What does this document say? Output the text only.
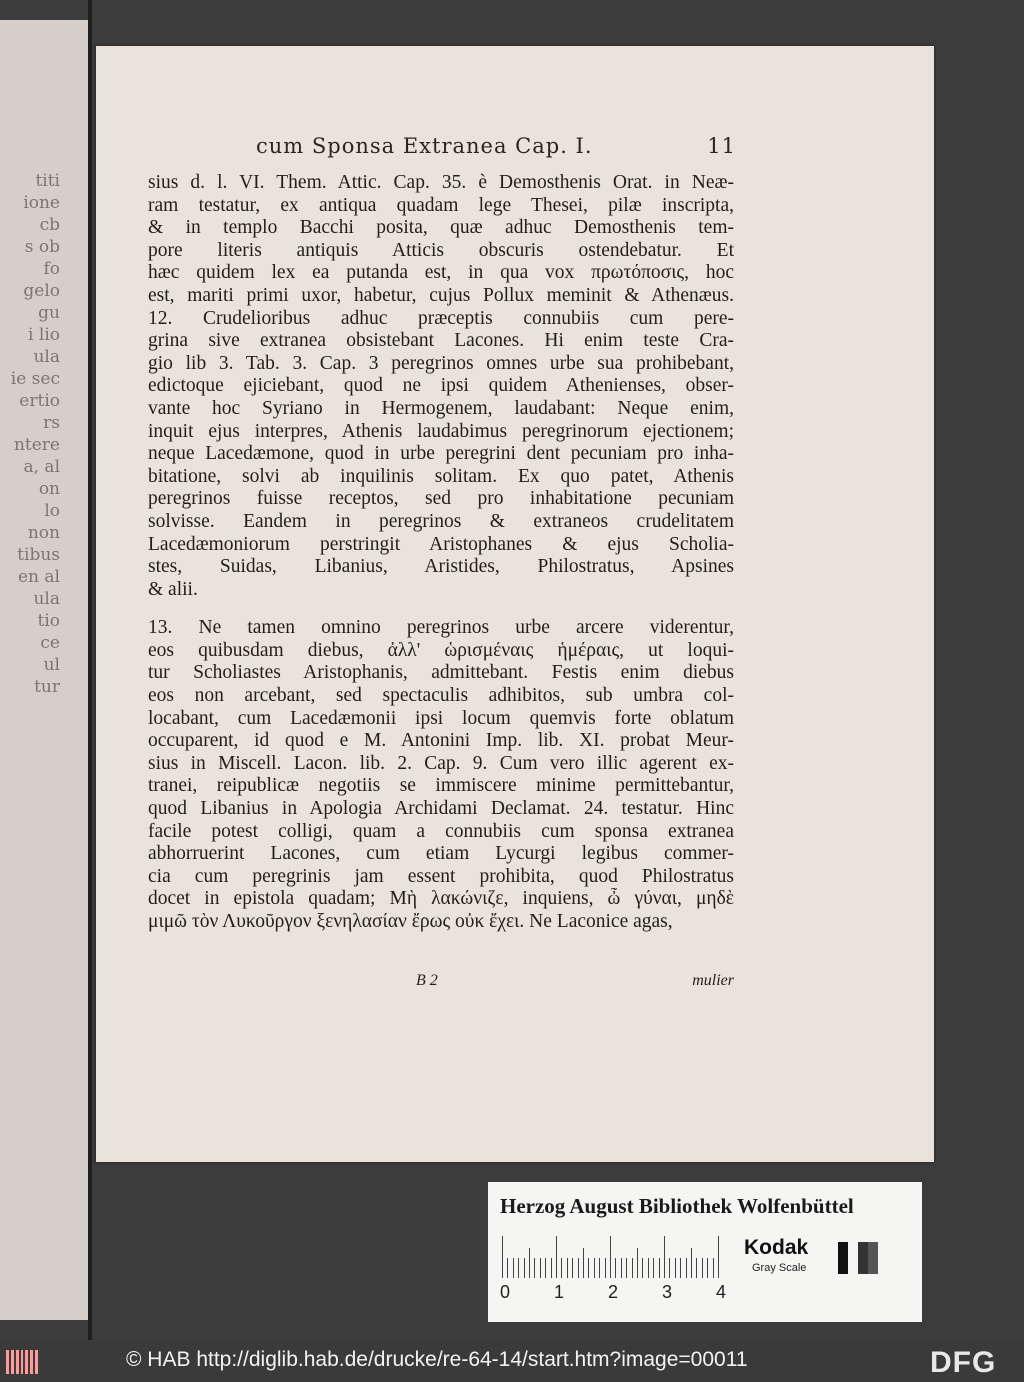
titi
ione
cb
s ob
fo
gelo
gu
i lio
ula
ie sec
ertio
rs
ntere
a, al
on
lo
non
tibus
en al
ula
tio
ce
ul
tur
cum Sponsa Extranea Cap. I.	11
sius d. l. VI. Them. Attic. Cap. 35. è Demosthenis Orat. in Neæ-
ram testatur, ex antiqua quadam lege Thesei, pilæ inscripta,
& in templo Bacchi posita, quæ adhuc Demosthenis tem-
pore literis antiquis Atticis obscuris ostendebatur. Et
hæc quidem lex ea putanda est, in qua vox πρωτόποσις, hoc
est, mariti primi uxor, habetur, cujus Pollux meminit & Athenæus.
12. Crudelioribus adhuc præceptis connubiis cum pere-
grina sive extranea obsistebant Lacones. Hi enim teste Cra-
gio lib 3. Tab. 3. Cap. 3 peregrinos omnes urbe sua prohibebant,
edictoque ejiciebant, quod ne ipsi quidem Athenienses, obser-
vante hoc Syriano in Hermogenem, laudabant: Neque enim,
inquit ejus interpres, Athenis laudabimus peregrinorum ejectionem;
neque Lacedæmone, quod in urbe peregrini dent pecuniam pro inha-
bitatione, solvi ab inquilinis solitam. Ex quo patet, Athenis
peregrinos fuisse receptos, sed pro inhabitatione pecuniam
solvisse. Eandem in peregrinos & extraneos crudelitatem
Lacedæmoniorum perstringit Aristophanes & ejus Scholia-
stes, Suidas, Libanius, Aristides, Philostratus, Apsines
& alii.
13. Ne tamen omnino peregrinos urbe arcere viderentur,
eos quibusdam diebus, ἀλλ' ὡρισμέναις ἡμέραις, ut loqui-
tur Scholiastes Aristophanis, admittebant. Festis enim diebus
eos non arcebant, sed spectaculis adhibitos, sub umbra col-
locabant, cum Lacedæmonii ipsi locum quemvis forte oblatum
occuparent, id quod e M. Antonini Imp. lib. XI. probat Meur-
sius in Miscell. Lacon. lib. 2. Cap. 9. Cum vero illic agerent ex-
tranei, reipublicæ negotiis se immiscere minime permittebantur,
quod Libanius in Apologia Archidami Declamat. 24. testatur. Hinc
facile potest colligi, quam a connubiis cum sponsa extranea
abhorruerint Lacones, cum etiam Lycurgi legibus commer-
cia cum peregrinis jam essent prohibita, quod Philostratus
docet in epistola quadam; Μὴ λακώνιζε, inquiens, ὦ γύναι, μηδὲ
μιμῶ τὸν Λυκοῦργον ξενηλασίαν ἔρως οὐκ ἔχει. Ne Laconice agas,
B 2	mulier
Herzog August Bibliothek Wolfenbüttel
0 1 2 3 4
Kodak
Gray Scale
© HAB http://diglib.hab.de/drucke/re-64-14/start.htm?image=00011	DFG
